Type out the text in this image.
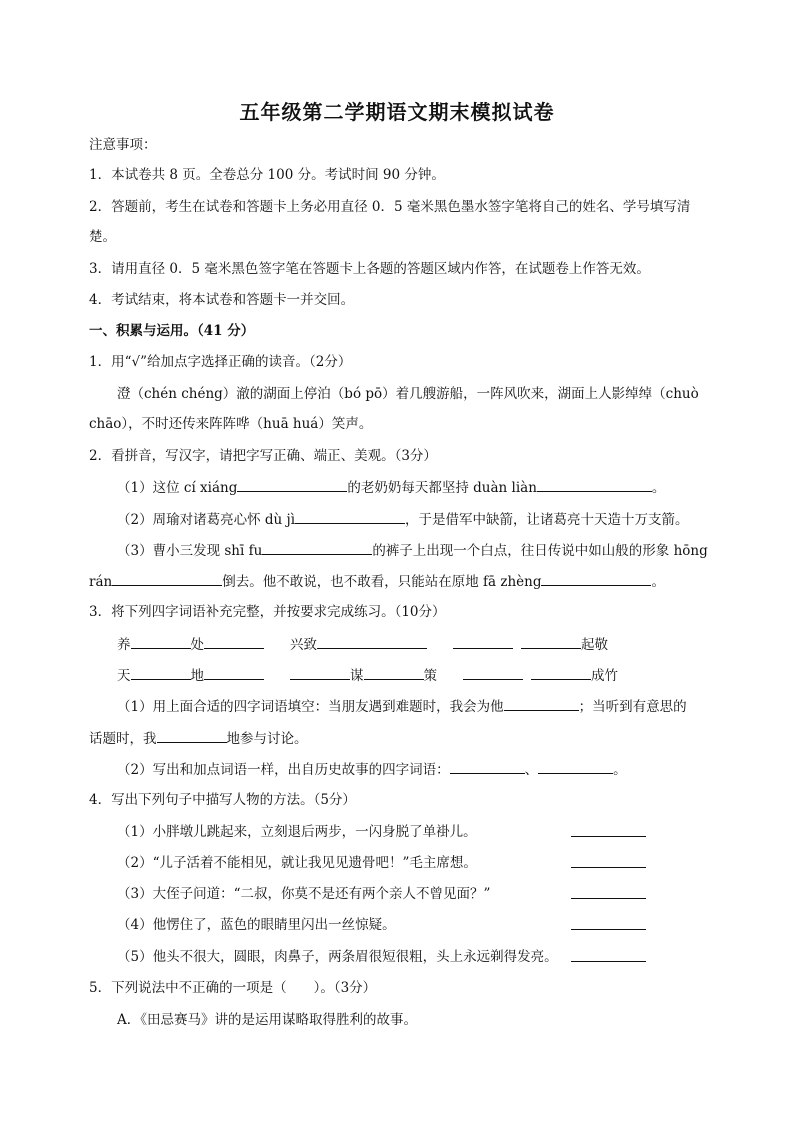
五年级第二学期语文期末模拟试卷
注意事项：
1．本试卷共 8 页。全卷总分 100 分。考试时间 90 分钟。
2．答题前，考生在试卷和答题卡上务必用直径 0．5 毫米黑色墨水签字笔将自己的姓名、学号填写清
楚。
3．请用直径 0．5 毫米黑色签字笔在答题卡上各题的答题区域内作答，在试题卷上作答无效。
4．考试结束，将本试卷和答题卡一并交回。
一、积累与运用。（41 分）
1．用“√”给加点字选择正确的读音。（2分）
澄（chén chéng）澈的湖面上停泊（bó pō）着几艘游船，一阵风吹来，湖面上人影绰绰（chuò
chāo），不时还传来阵阵哗（huā huá）笑声。
2．看拼音，写汉字，请把字写正确、端正、美观。（3分）
（1）这位 cí xiáng	的老奶奶每天都坚持 duàn liàn	。
（2）周瑜对诸葛亮心怀 dù jì	，于是借军中缺箭，让诸葛亮十天造十万支箭。
（3）曹小三发现 shī fu	的裤子上出现一个白点，往日传说中如山般的形象 hōng
rán	倒去。他不敢说，也不敢看，只能站在原地 fā zhèng	。
3．将下列四字词语补充完整，并按要求完成练习。（10分）
养	处	兴致	起敬
天	地	谋	策	成竹
（1）用上面合适的四字词语填空：当朋友遇到难题时，我会为他	；当听到有意思的
话题时，我	地参与讨论。
（2）写出和加点词语一样，出自历史故事的四字词语：	、	。
4．写出下列句子中描写人物的方法。（5分）
（1）小胖墩儿跳起来，立刻退后两步，一闪身脱了单褂儿。
（2）“儿子活着不能相见，就让我见见遗骨吧！”毛主席想。
（3）大侄子问道：“二叔，你莫不是还有两个亲人不曾见面？”
（4）他愣住了，蓝色的眼睛里闪出一丝惊疑。
（5）他头不很大，圆眼，肉鼻子，两条眉很短很粗，头上永远剃得发亮。
5．下列说法中不正确的一项是（　　）。（3分）
A．《田忌赛马》讲的是运用谋略取得胜利的故事。
